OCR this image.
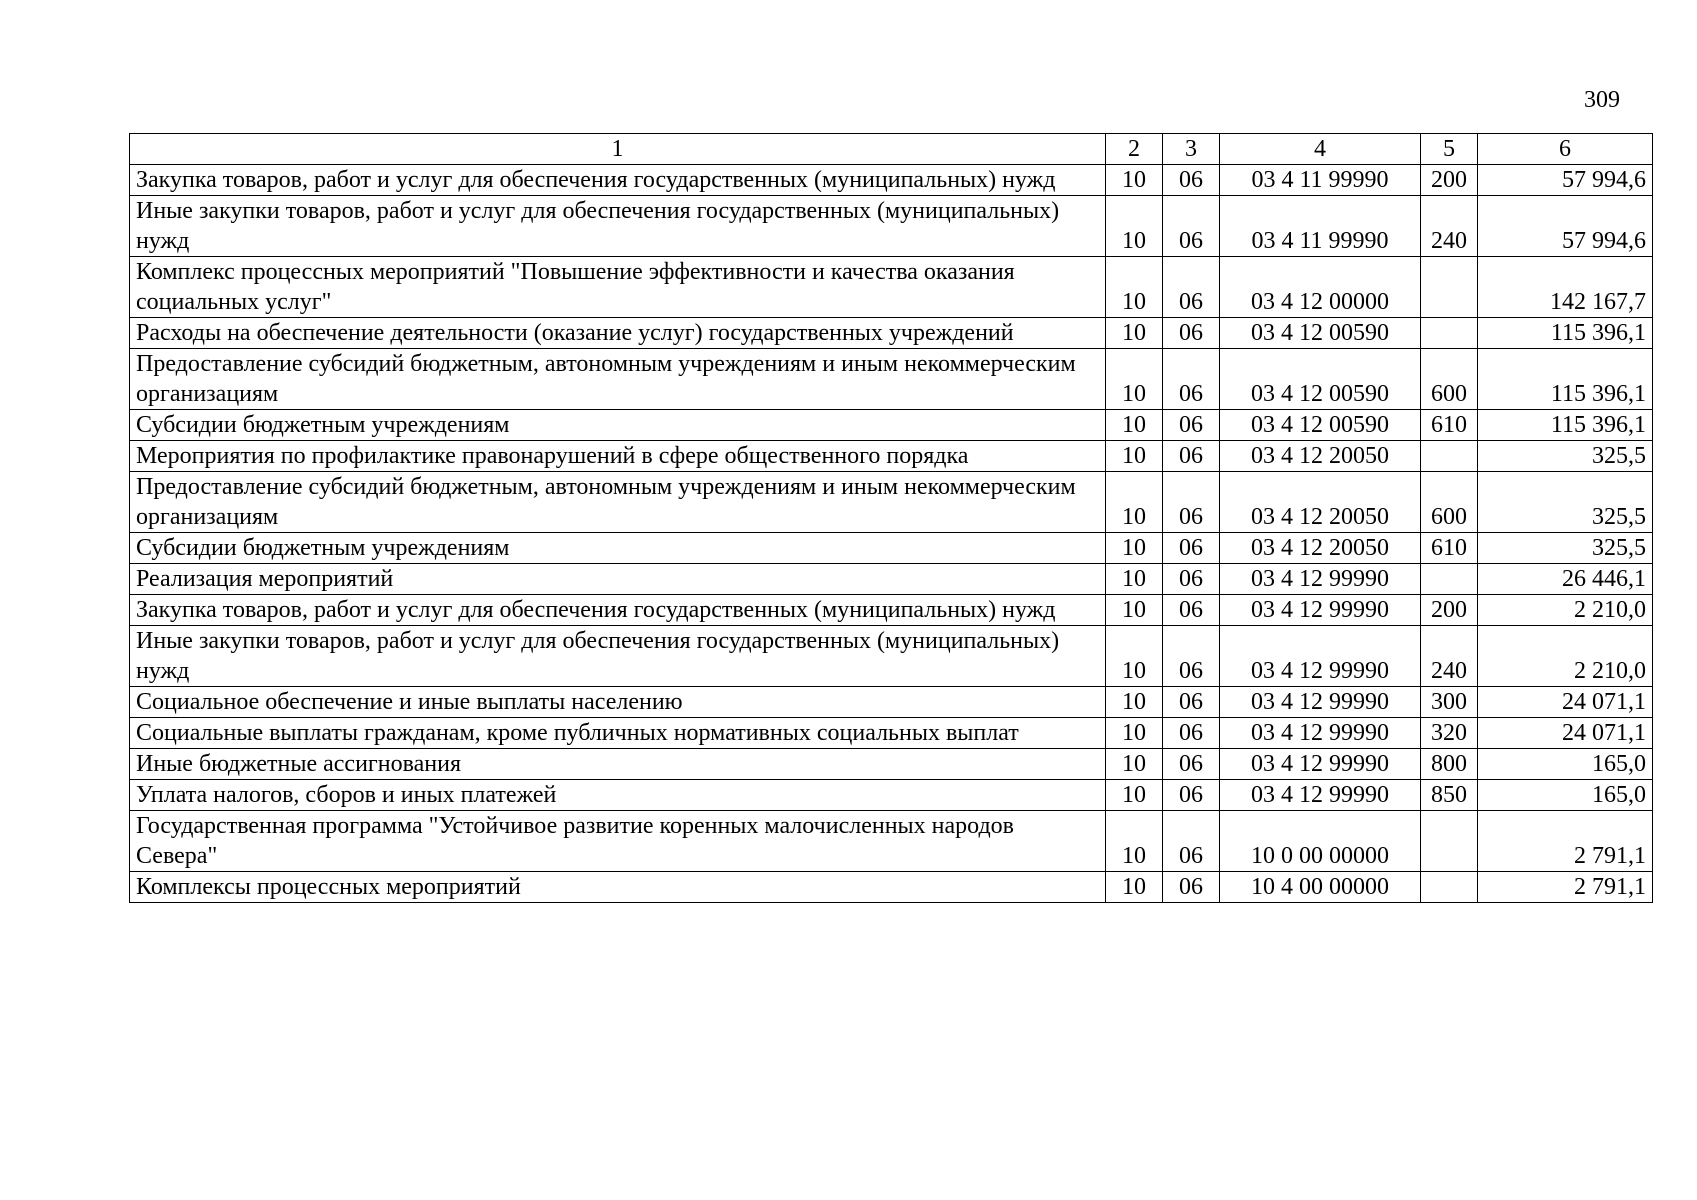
309
1	2	3	4	5	6
Закупка товаров, работ и услуг для обеспечения государственных (муниципальных) нужд	10	06	03 4 11 99990	200	57 994,6
Иные закупки товаров, работ и услуг для обеспечения государственных (муниципальных) нужд	10	06	03 4 11 99990	240	57 994,6
Комплекс процессных мероприятий "Повышение эффективности и качества оказания социальных услуг"	10	06	03 4 12 00000		142 167,7
Расходы на обеспечение деятельности (оказание услуг) государственных учреждений	10	06	03 4 12 00590		115 396,1
Предоставление субсидий бюджетным, автономным учреждениям и иным некоммерческим организациям	10	06	03 4 12 00590	600	115 396,1
Субсидии бюджетным учреждениям	10	06	03 4 12 00590	610	115 396,1
Мероприятия по профилактике правонарушений в сфере общественного порядка	10	06	03 4 12 20050		325,5
Предоставление субсидий бюджетным, автономным учреждениям и иным некоммерческим организациям	10	06	03 4 12 20050	600	325,5
Субсидии бюджетным учреждениям	10	06	03 4 12 20050	610	325,5
Реализация мероприятий	10	06	03 4 12 99990		26 446,1
Закупка товаров, работ и услуг для обеспечения государственных (муниципальных) нужд	10	06	03 4 12 99990	200	2 210,0
Иные закупки товаров, работ и услуг для обеспечения государственных (муниципальных) нужд	10	06	03 4 12 99990	240	2 210,0
Социальное обеспечение и иные выплаты населению	10	06	03 4 12 99990	300	24 071,1
Социальные выплаты гражданам, кроме публичных нормативных социальных выплат	10	06	03 4 12 99990	320	24 071,1
Иные бюджетные ассигнования	10	06	03 4 12 99990	800	165,0
Уплата налогов, сборов и иных платежей	10	06	03 4 12 99990	850	165,0
Государственная программа "Устойчивое развитие коренных малочисленных народов Севера"	10	06	10 0 00 00000		2 791,1
Комплексы процессных мероприятий	10	06	10 4 00 00000		2 791,1
